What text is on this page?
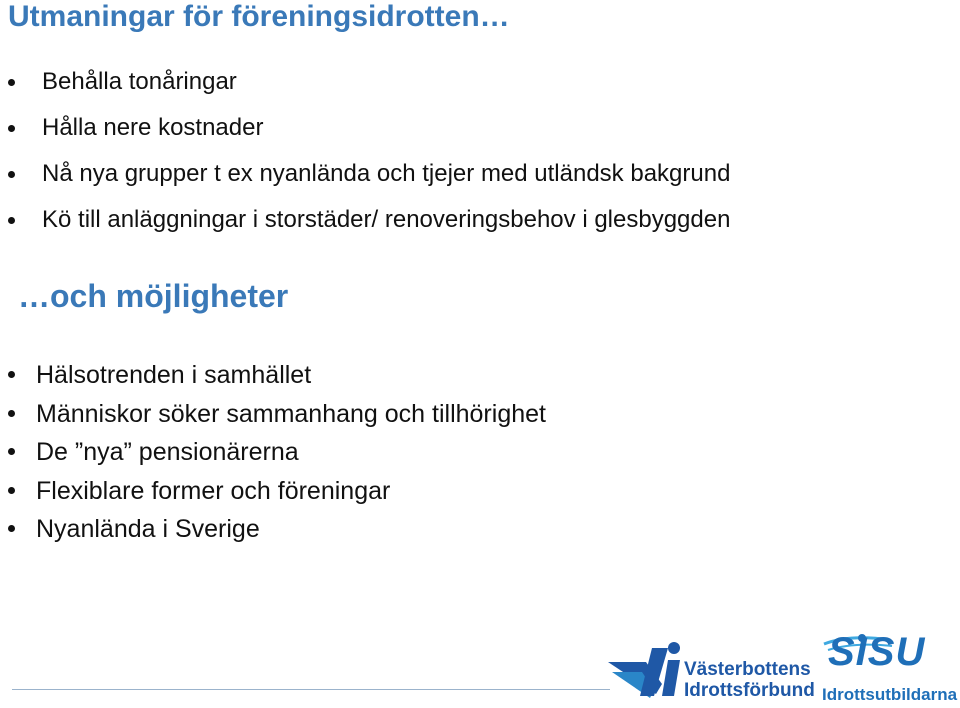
Utmaningar för föreningsidrotten…
Behålla tonåringar
Hålla nere kostnader
Nå nya grupper t ex nyanlända och tjejer med utländsk bakgrund
Kö till anläggningar i storstäder/ renoveringsbehov i glesbyggden
…och möjligheter
Hälsotrenden i samhället
Människor söker sammanhang och tillhörighet
De ”nya” pensionärerna
Flexiblare former och föreningar
Nyanlända i Sverige
Västerbottens
Idrottsförbund
SISU
Idrottsutbildarna
